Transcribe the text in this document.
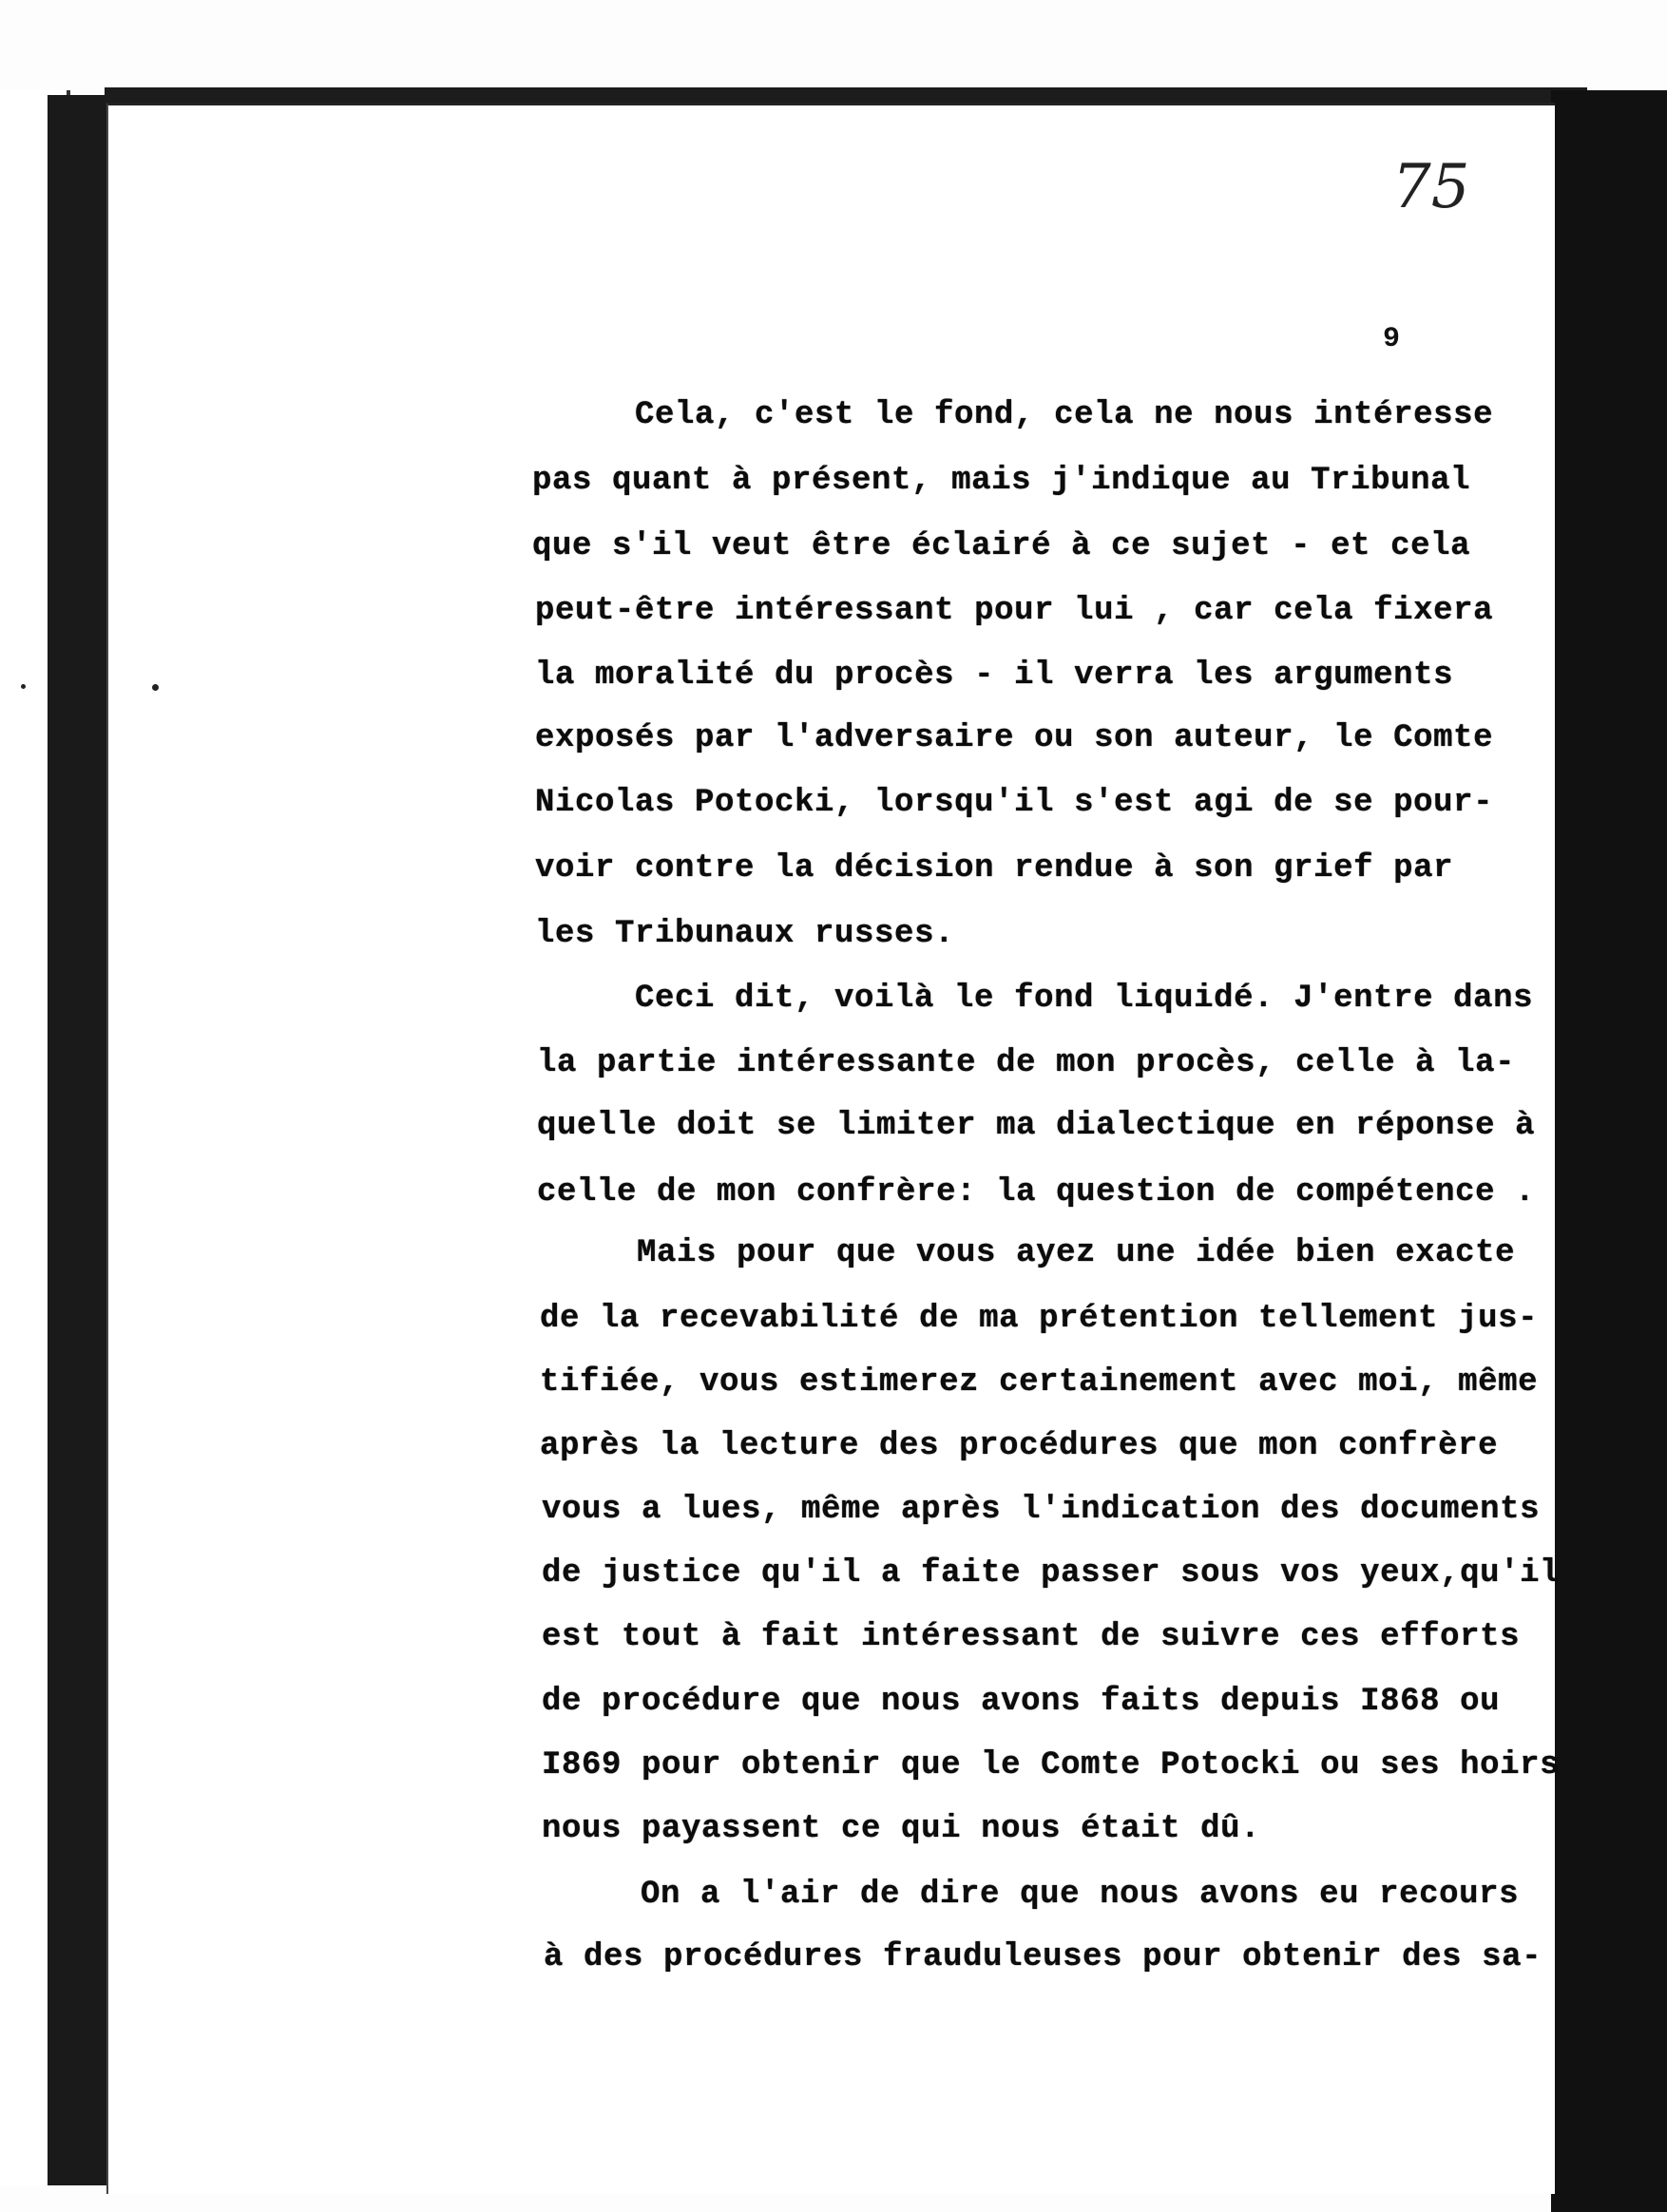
75
9
Cela, c'est le fond, cela ne nous intéresse
pas quant à présent, mais j'indique au Tribunal
que s'il veut être éclairé à ce sujet - et cela
peut-être intéressant pour lui , car cela fixera
la moralité du procès - il verra les arguments
exposés par l'adversaire ou son auteur, le Comte
Nicolas Potocki, lorsqu'il s'est agi de se pour-
voir contre la décision rendue à son grief par
les Tribunaux russes.
Ceci dit, voilà le fond liquidé. J'entre dans
la partie intéressante de mon procès, celle à la-
quelle doit se limiter ma dialectique en réponse à
celle de mon confrère: la question de compétence .
Mais pour que vous ayez une idée bien exacte
de la recevabilité de ma prétention tellement jus-
tifiée, vous estimerez certainement avec moi, même
après la lecture des procédures que mon confrère
vous a lues, même après l'indication des documents
de justice qu'il a faite passer sous vos yeux,qu'il
est tout à fait intéressant de suivre ces efforts
de procédure que nous avons faits depuis I868 ou
I869 pour obtenir que le Comte Potocki ou ses hoirs
nous payassent ce qui nous était dû.
On a l'air de dire que nous avons eu recours
à des procédures frauduleuses pour obtenir des sa-
